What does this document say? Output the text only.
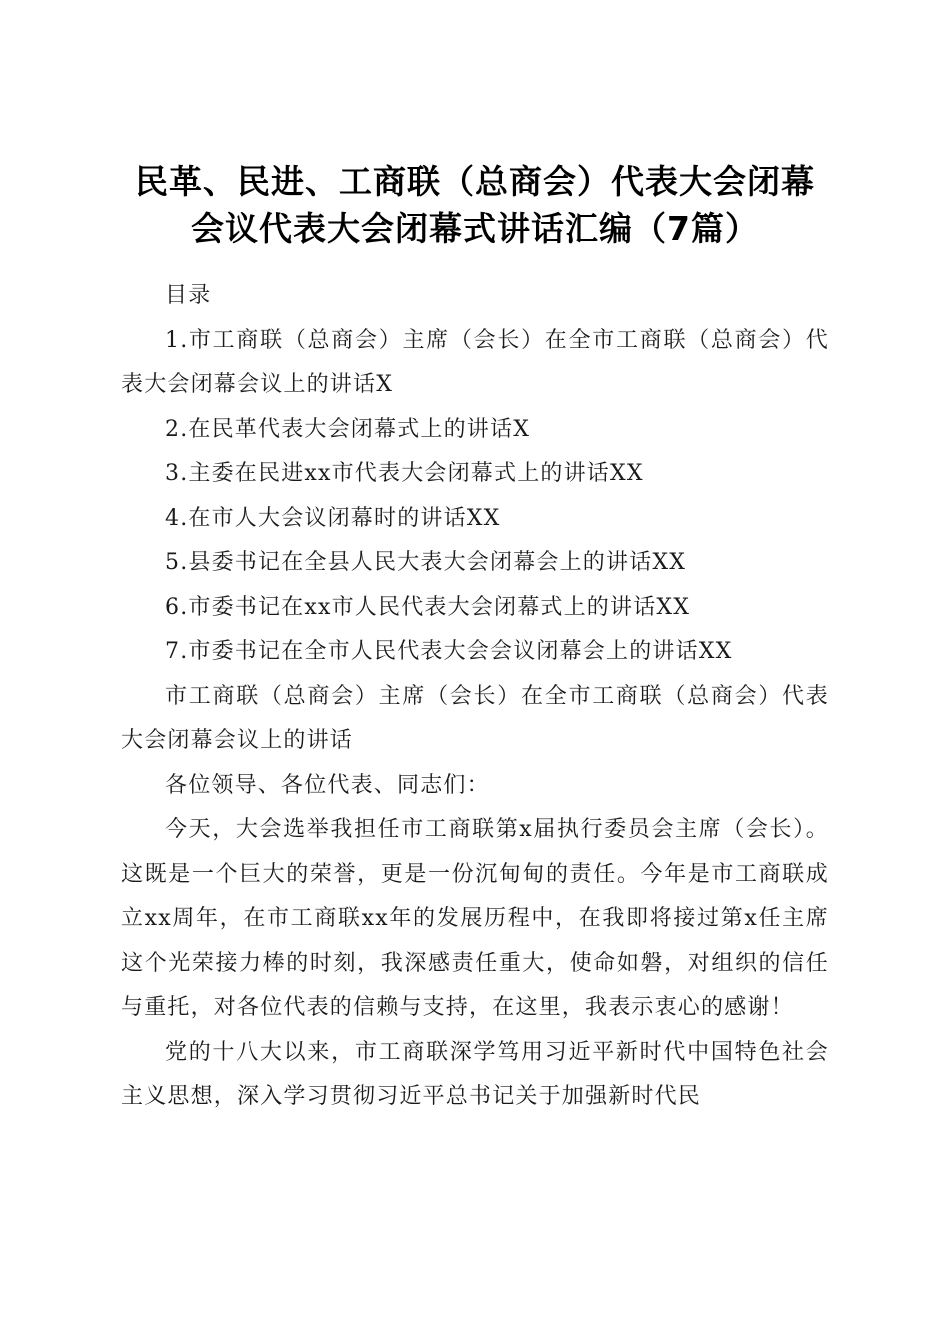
民革、民进、工商联（总商会）代表大会闭幕
会议代表大会闭幕式讲话汇编（7篇）

目录

1.市工商联（总商会）主席（会长）在全市工商联（总商会）代表大会闭幕会议上的讲话X

2.在民革代表大会闭幕式上的讲话X

3.主委在民进xx市代表大会闭幕式上的讲话XX

4.在市人大会议闭幕时的讲话XX

5.县委书记在全县人民大表大会闭幕会上的讲话XX

6.市委书记在xx市人民代表大会闭幕式上的讲话XX

7.市委书记在全市人民代表大会会议闭幕会上的讲话XX

市工商联（总商会）主席（会长）在全市工商联（总商会）代表大会闭幕会议上的讲话

各位领导、各位代表、同志们：

今天，大会选举我担任市工商联第x届执行委员会主席（会长）。这既是一个巨大的荣誉，更是一份沉甸甸的责任。今年是市工商联成立xx周年，在市工商联xx年的发展历程中，在我即将接过第x任主席这个光荣接力棒的时刻，我深感责任重大，使命如磐，对组织的信任与重托，对各位代表的信赖与支持，在这里，我表示衷心的感谢！

党的十八大以来，市工商联深学笃用习近平新时代中国特色社会主义思想，深入学习贯彻习近平总书记关于加强新时代民
